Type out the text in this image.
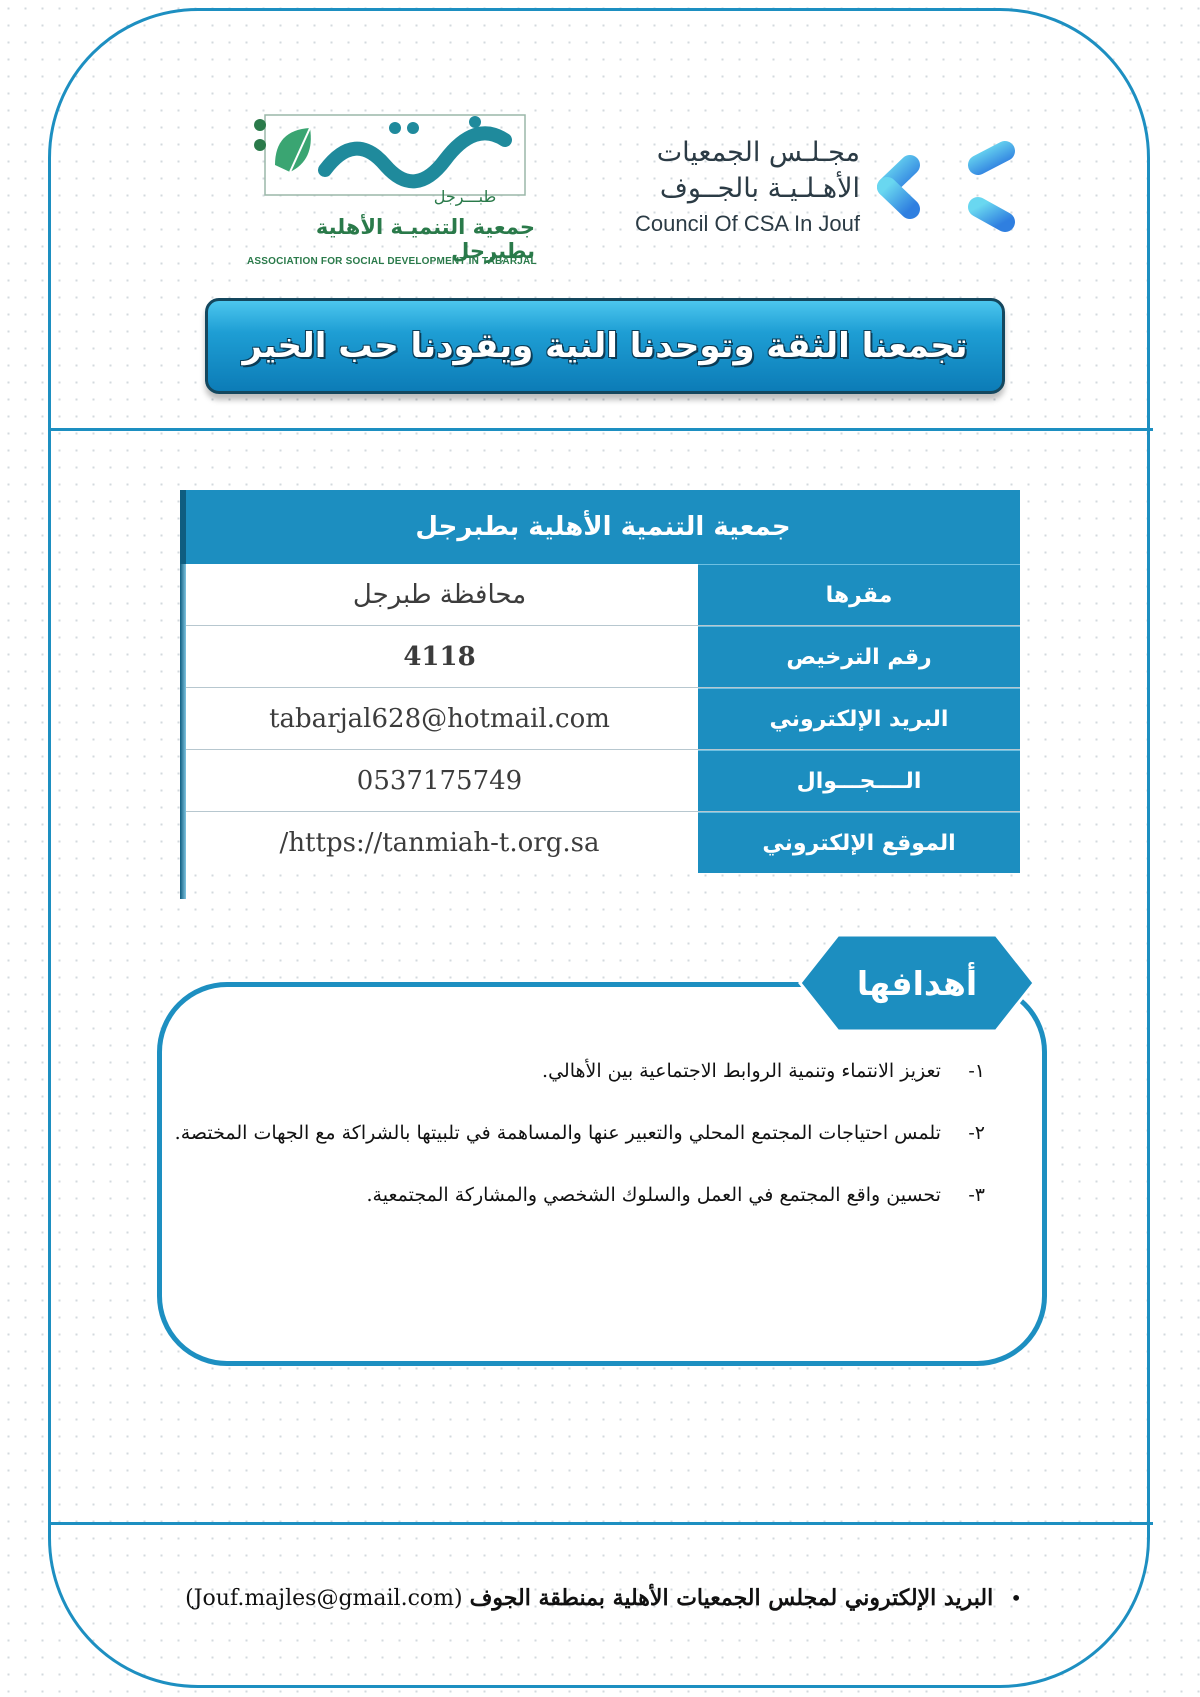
مجـلـس الجمعيات
الأهـلـيـة بالجــوف
Council Of CSA In Jouf
طبـــرجل
جمعية التنميـة الأهلية بطبرجل
ASSOCIATION FOR SOCIAL DEVELOPMENT IN TABARJAL
تجمعنا الثقة وتوحدنا النية ويقودنا حب الخير
جمعية التنمية الأهلية بطبرجل
محافظة طبرجل	مقرها
4118	رقم الترخيص
tabarjal628@hotmail.com	البريد الإلكتروني
0537175749	الــــجـــوال
https://tanmiah-t.org.sa/	الموقع الإلكتروني
أهدافها
١- تعزيز الانتماء وتنمية الروابط الاجتماعية بين الأهالي.
٢- تلمس احتياجات المجتمع المحلي والتعبير عنها والمساهمة في تلبيتها بالشراكة مع الجهات المختصة.
٣- تحسين واقع المجتمع في العمل والسلوك الشخصي والمشاركة المجتمعية.
• البريد الإلكتروني لمجلس الجمعيات الأهلية بمنطقة الجوف (Jouf.majles@gmail.com)
